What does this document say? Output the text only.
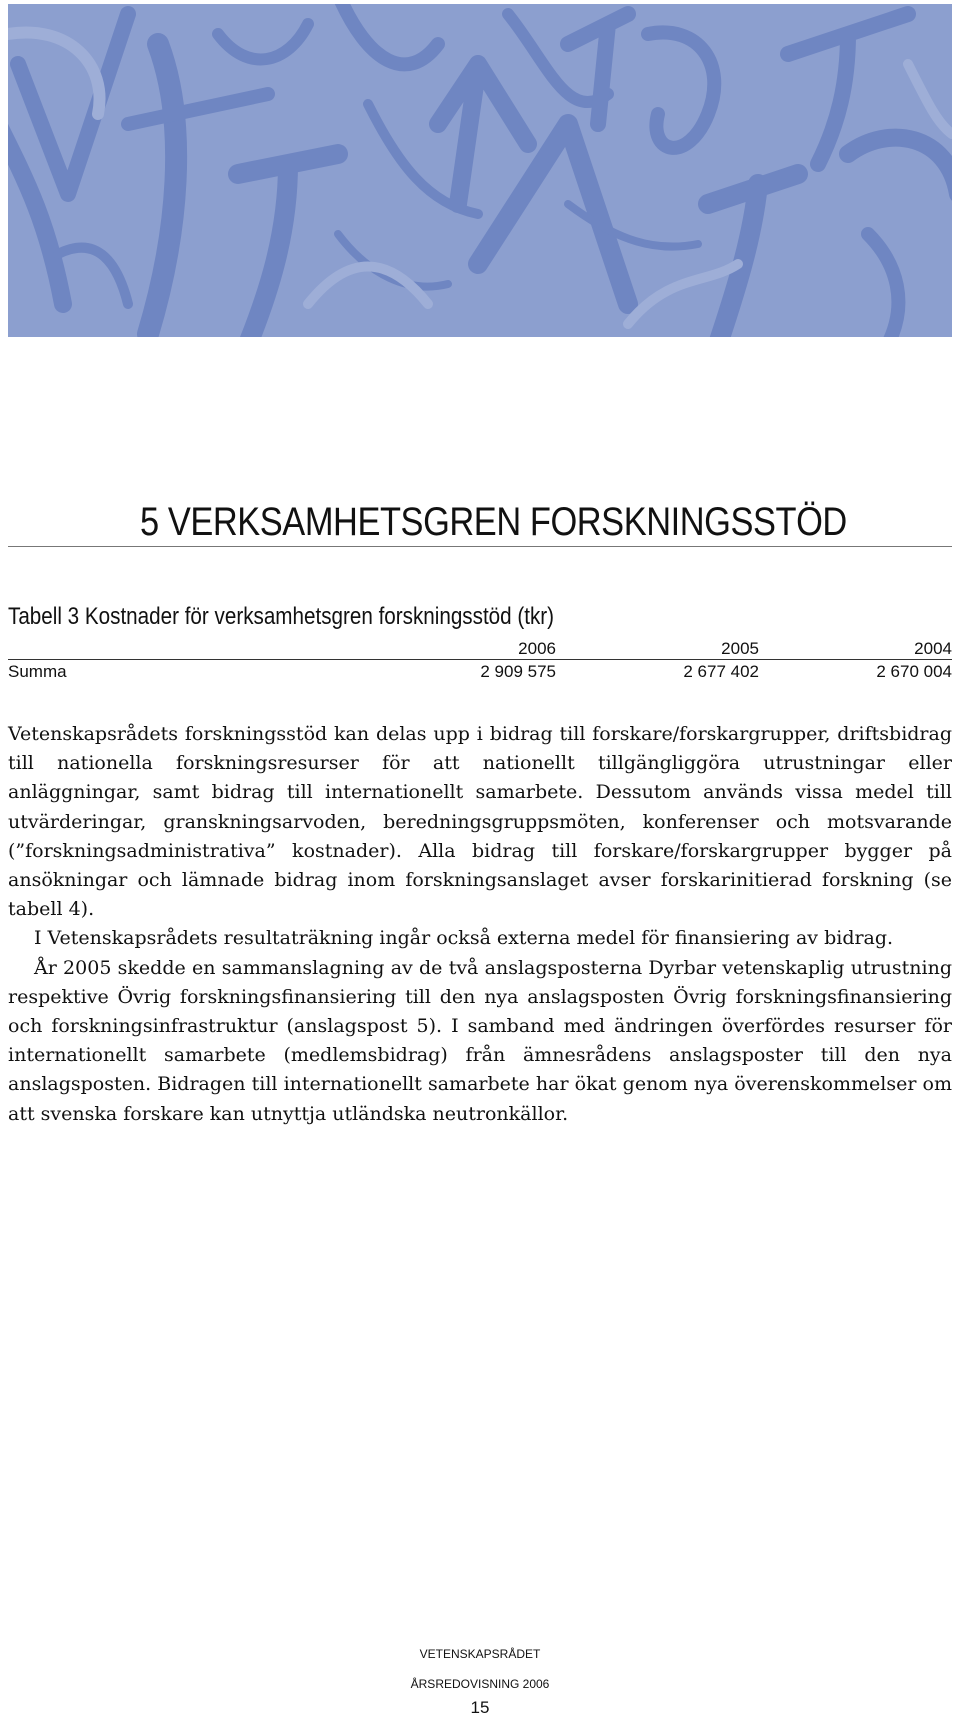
5 VERKSAMHETSGREN FORSKNINGSSTÖD
Tabell 3 Kostnader för verksamhetsgren forskningsstöd (tkr)
	2006	2005	2004
Summa	2 909 575	2 677 402	2 670 004

Vetenskapsrådets forskningsstöd kan delas upp i bidrag till forskare/forskargrupper, driftsbidrag till nationella forskningsresurser för att nationellt tillgängliggöra utrustningar eller anläggningar, samt bidrag till internationellt samarbete. Dessutom används vissa medel till utvärderingar, granskningsarvoden, beredningsgruppsmöten, konferenser och motsvarande (”forskningsadministrativa” kostnader). Alla bidrag till forskare/forskargrupper bygger på ansökningar och lämnade bidrag inom forskningsanslaget avser forskarinitierad forskning (se tabell 4).

I Vetenskapsrådets resultaträkning ingår också externa medel för finansiering av bidrag.

År 2005 skedde en sammanslagning av de två anslagsposterna Dyrbar vetenskaplig utrustning respektive Övrig forskningsfinansiering till den nya anslagsposten Övrig forskningsfinansiering och forskningsinfrastruktur (anslagspost 5). I samband med ändringen överfördes resurser för internationellt samarbete (medlemsbidrag) från ämnesrådens anslagsposter till den nya anslagsposten. Bidragen till internationellt samarbete har ökat genom nya överenskommelser om att svenska forskare kan utnyttja utländska neutronkällor.

VETENSKAPSRÅDET
ÅRSREDOVISNING 2006
15
